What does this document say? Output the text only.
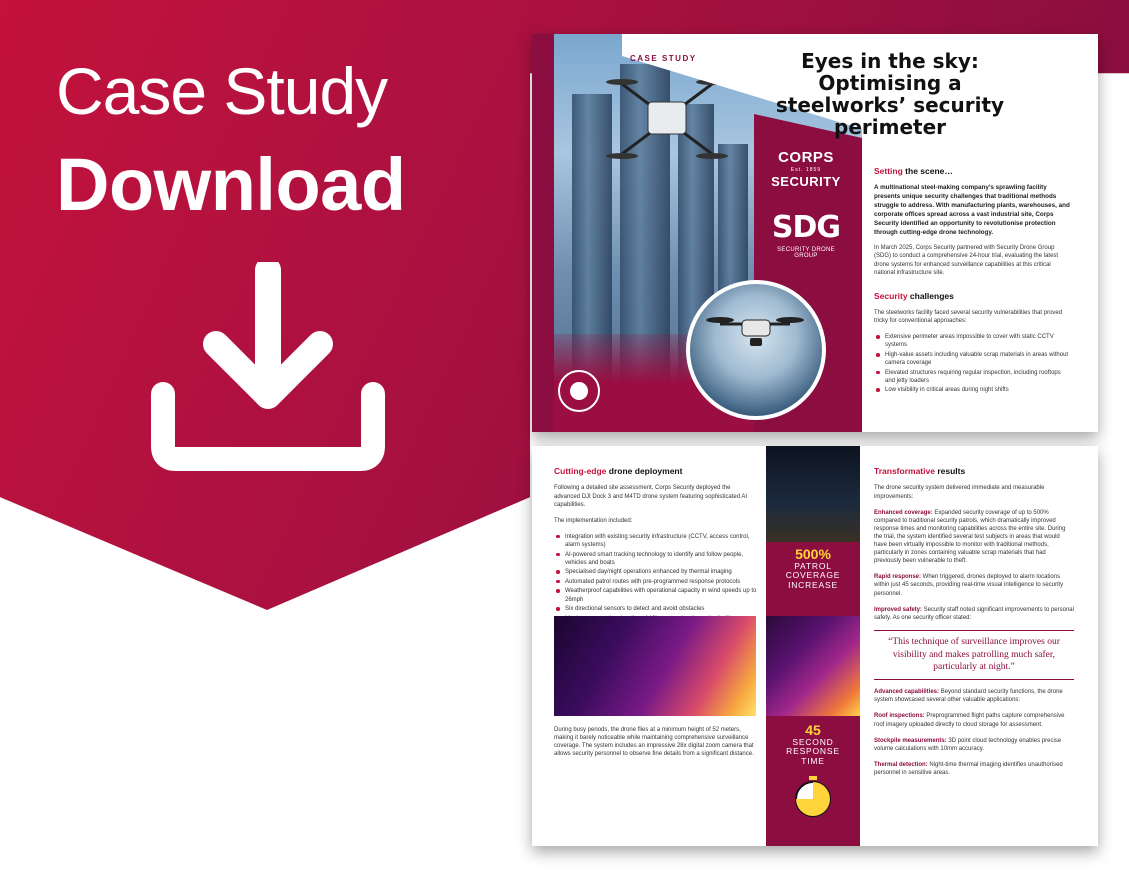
Case Study
Download
CASE STUDY	Eyes in the sky: Optimising a steelworks’ security perimeter
CORPS
Est. 1859
SECURITY
SDG
SECURITY DRONE GROUP
Setting the scene…
A multinational steel-making company’s sprawling facility presents unique security challenges that traditional methods struggle to address. With manufacturing plants, warehouses, and corporate offices spread across a vast industrial site, Corps Security identified an opportunity to revolutionise protection through cutting-edge drone technology.
In March 2025, Corps Security partnered with Security Drone Group (SDG) to conduct a comprehensive 24-hour trial, evaluating the latest drone systems for enhanced surveillance capabilities at this critical national infrastructure site.
Security challenges
The steelworks facility faced several security vulnerabilities that proved tricky for conventional approaches:
Extensive perimeter areas impossible to cover with static CCTV systems
High-value assets including valuable scrap materials in areas without camera coverage
Elevated structures requiring regular inspection, including rooftops and jetty loaders
Low visibility in critical areas during night shifts
Cutting-edge drone deployment
Following a detailed site assessment, Corps Security deployed the advanced DJI Dock 3 and M4TD drone system featuring sophisticated AI capabilities.
The implementation included:
Integration with existing security infrastructure (CCTV, access control, alarm systems)
AI-powered smart tracking technology to identify and follow people, vehicles and boats
Specialised day/night operations enhanced by thermal imaging
Automated patrol routes with pre-programmed response protocols
Weatherproof capabilities with operational capacity in wind speeds up to 26mph
Six directional sensors to detect and avoid obstacles
During busy periods, the drone flies at a minimum height of 52 meters, making it barely noticeable while maintaining comprehensive surveillance coverage. The system includes an impressive 28x digital zoom camera that allows security personnel to observe fine details from a significant distance.
500%
PATROL
COVERAGE
INCREASE
45
SECOND
RESPONSE
TIME
Transformative results
The drone security system delivered immediate and measurable improvements:
Enhanced coverage: Expanded security coverage of up to 500% compared to traditional security patrols, which dramatically improved response times and monitoring capabilities across the entire site. During the trial, the system identified several test subjects in areas that would have been virtually impossible to monitor with traditional methods, particularly in zones containing valuable scrap materials that had previously been vulnerable to theft.
Rapid response: When triggered, drones deployed to alarm locations within just 45 seconds, providing real-time visual intelligence to security personnel.
Improved safety: Security staff noted significant improvements to personal safety. As one security officer stated:
“This technique of surveillance improves our visibility and makes patrolling much safer, particularly at night.”
Advanced capabilities: Beyond standard security functions, the drone system showcased several other valuable applications:
Roof inspections: Preprogrammed flight paths capture comprehensive roof imagery uploaded directly to cloud storage for assessment.
Stockpile measurements: 3D point cloud technology enables precise volume calculations with 10mm accuracy.
Thermal detection: Night-time thermal imaging identifies unauthorised personnel in sensitive areas.
